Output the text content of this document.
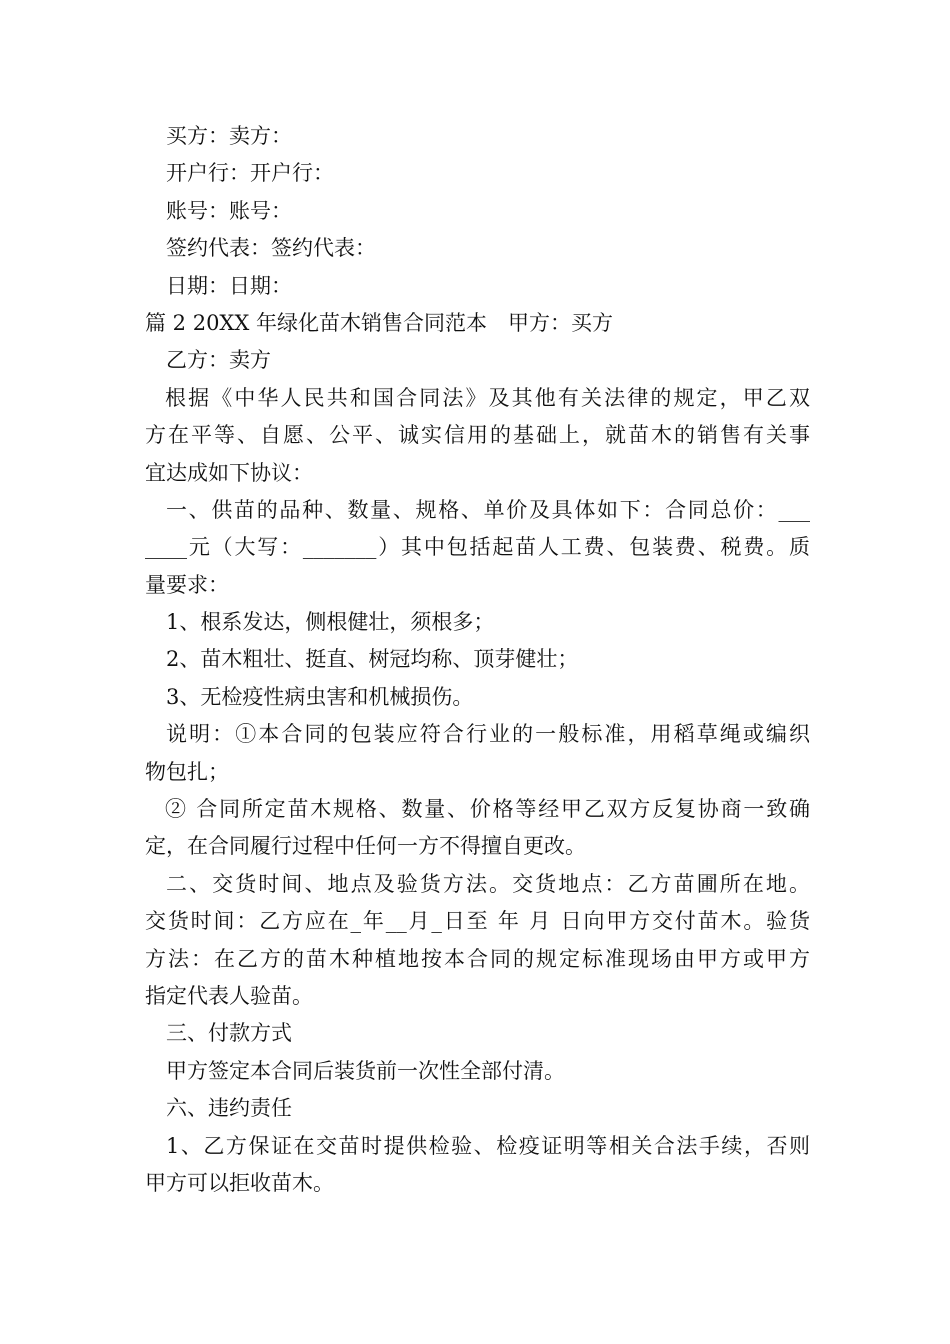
买方：卖方：
开户行：开户行：
账号：账号：
签约代表：签约代表：
日期：日期：
篇 2 20XX 年绿化苗木销售合同范本　甲方：买方
乙方：卖方
根据《中华人民共和国合同法》及其他有关法律的规定，甲乙双
方在平等、自愿、公平、诚实信用的基础上，就苗木的销售有关事
宜达成如下协议：
一、供苗的品种、数量、规格、单价及具体如下：合同总价：___
____元（大写：_______）其中包括起苗人工费、包装费、税费。质
量要求：
1、根系发达，侧根健壮，须根多；
2、苗木粗壮、挺直、树冠均称、顶芽健壮；
3、无检疫性病虫害和机械损伤。
说明：①本合同的包装应符合行业的一般标准，用稻草绳或编织
物包扎；
② 合同所定苗木规格、数量、价格等经甲乙双方反复协商一致确
定，在合同履行过程中任何一方不得擅自更改。
二、交货时间、地点及验货方法。交货地点：乙方苗圃所在地。
交货时间：乙方应在_年__月_日至 年 月 日向甲方交付苗木。验货
方法：在乙方的苗木种植地按本合同的规定标准现场由甲方或甲方
指定代表人验苗。
三、付款方式
甲方签定本合同后装货前一次性全部付清。
六、违约责任
1、乙方保证在交苗时提供检验、检疫证明等相关合法手续，否则
甲方可以拒收苗木。
